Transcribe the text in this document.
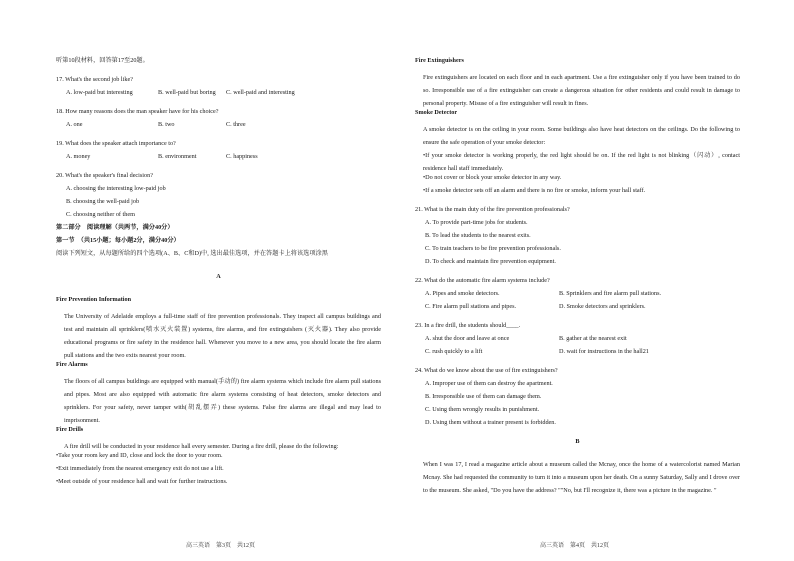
听第10段材料，回答第17至20题。
17. What's the second job like?
A. low-paid but interesting	B. well-paid but boring	C. well-paid and interesting
18. How many reasons does the man speaker have for his choice?
A. one	B. two	C. three
19. What does the speaker attach importance to?
A. money	B. environment	C. happiness
20. What's the speaker's final decision?
A. choosing the interesting low-paid job
B. choosing the well-paid job
C. choosing neither of them
第二部分　阅读理解（共两节，满分40分）
第一节　（共15小题；每小题2分，满分40分）
阅读下列短文，从每题所给的四个选项(A、B、C和D)中, 选出最佳选项，并在答题卡上将该选项涂黑
A
Fire Prevention Information
The University of Adelaide employs a full-time staff of fire prevention professionals. They inspect all campus buildings and test and maintain all sprinklers(喷水灭火装置) systems, fire alarms, and fire extinguishers (灭火器). They also provide educational programs or fire safety in the residence hall. Whenever you move to a new area, you should locate the fire alarm pull stations and the two exits nearest your room.
Fire Alarms
The floors of all campus buildings are equipped with manual(手动的) fire alarm systems which include fire alarm pull stations and pipes. Most are also equipped with automatic fire alarm systems consisting of heat detectors, smoke detectors and sprinklers. For your safety, never tamper with(胡乱摆弄) these systems. False fire alarms are illegal and may lead to imprisonment.
Fire Drills
A fire drill will be conducted in your residence hall every semester. During a fire drill, please do the following:
•Take your room key and ID, close and lock the door to your room.
•Exit immediately from the nearest emergency exit do not use a lift.
•Meet outside of your residence hall and wait for further instructions.
Fire Extinguishers
Fire extinguishers are located on each floor and in each apartment. Use a fire extinguisher only if you have been trained to do so. Irresponsible use of a fire extinguisher can create a dangerous situation for other residents and could result in damage to personal property. Misuse of a fire extinguisher will result in fines.
Smoke Detector
A smoke detector is on the ceiling in your room. Some buildings also have heat detectors on the ceilings. Do the following to ensure the safe operation of your smoke detector:
•If your smoke detector is working properly, the red light should be on. If the red light is not blinking（闪动）, contact residence hall staff immediately.
•Do not cover or block your smoke detector in any way.
•If a smoke detector sets off an alarm and there is no fire or smoke, inform your hall staff.
21. What is the main duty of the fire prevention professionals?
A. To provide part-time jobs for students.
B. To lead the students to the nearest exits.
C. To train teachers to be fire prevention professionals.
D. To check and maintain fire prevention equipment.
22. What do the automatic fire alarm systems include?
A. Pipes and smoke detectors.	B. Sprinklers and fire alarm pull stations.
C. Fire alarm pull stations and pipes.	D. Smoke detectors and sprinklers.
23. In a fire drill, the students should____.
A. shut the door and leave at once	B. gather at the nearest exit
C. rush quickly to a lift	D. wait for instructions in the hall21
24. What do we know about the use of fire extinguishers?
A. Improper use of them can destroy the apartment.
B. Irresponsible use of them can damage them.
C. Using them wrongly results in punishment.
D. Using them without a trainer present is forbidden.
B
When I was 17, I read a magazine article about a museum called the Mcnay, once the home of a watercolorist named Marian Mcnay. She had requested the community to turn it into a museum upon her death. On a sunny Saturday, Sally and I drove over to the museum. She asked, "Do you have the address? ""No, but I'll recognize it, there was a picture in the magazine. "
高三英语　第3页　共12页	高三英语　第4页　共12页
